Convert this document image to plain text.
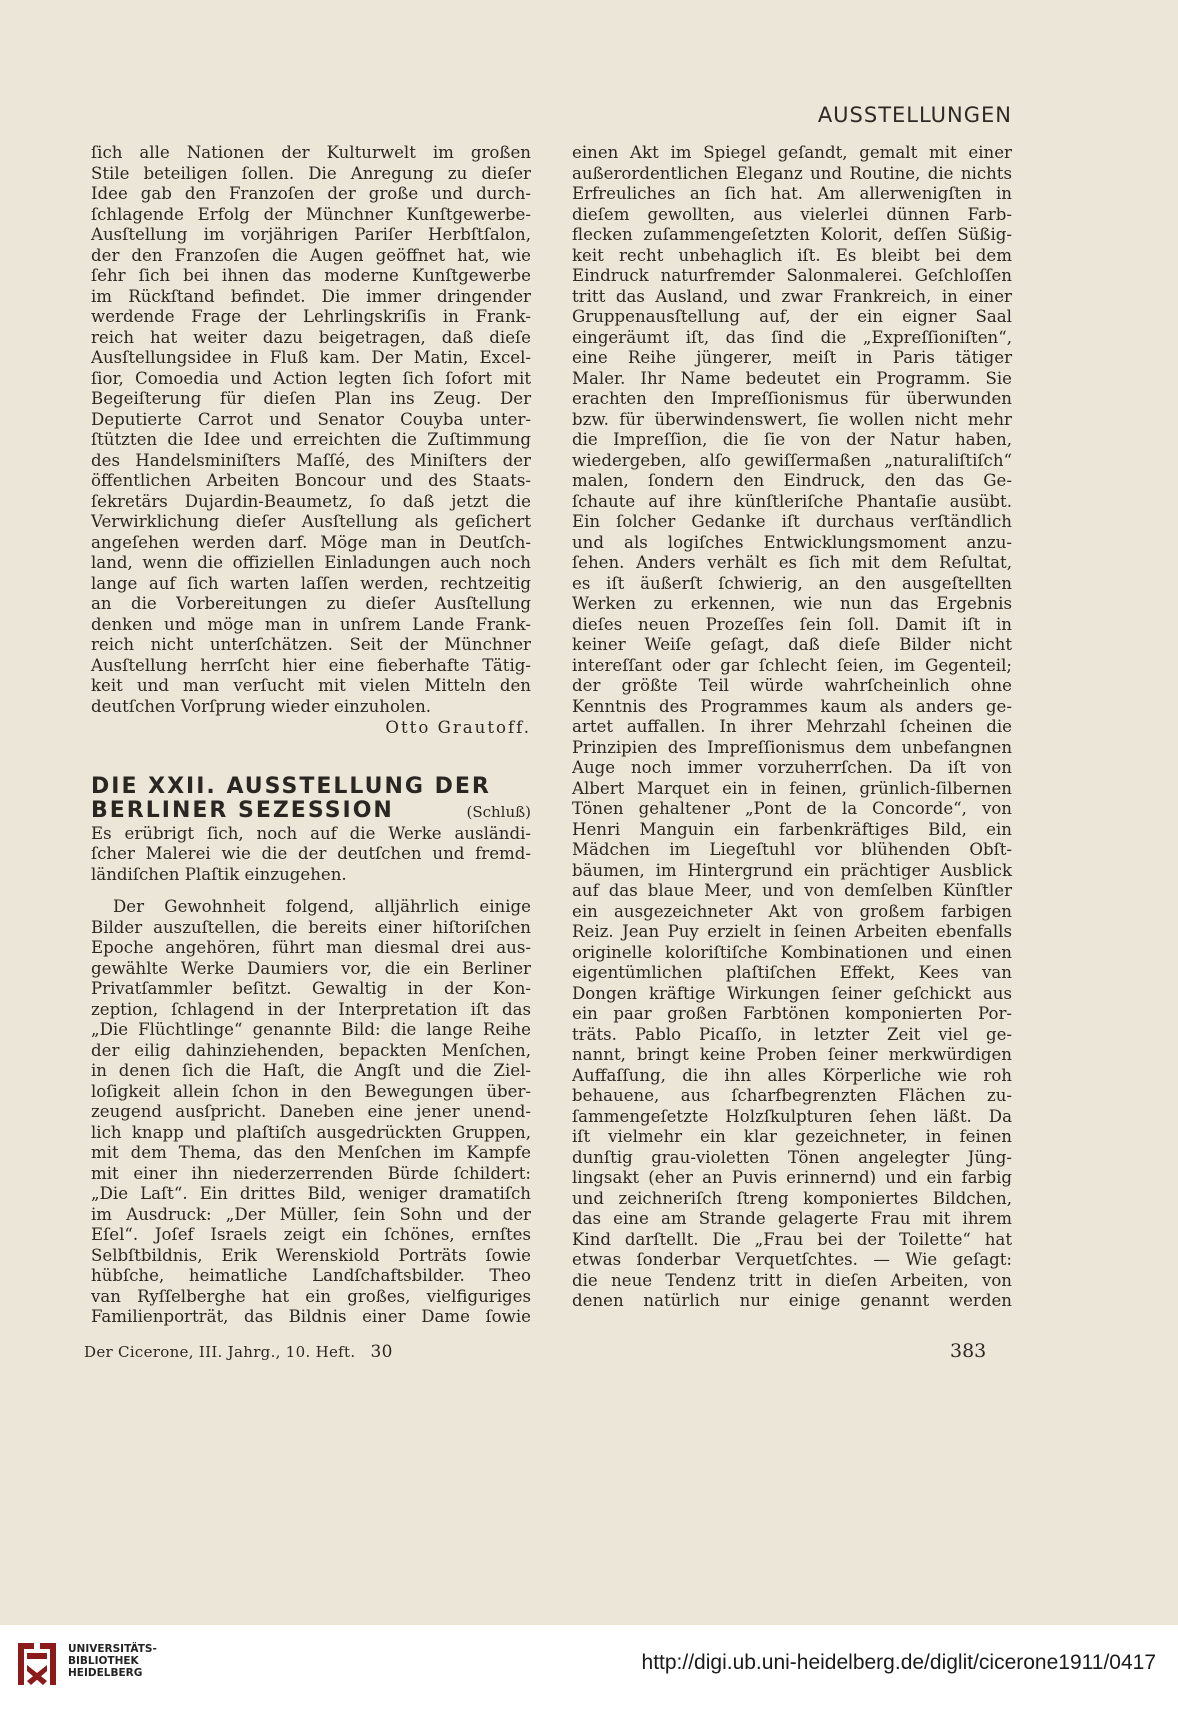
AUSSTELLUNGEN
ſich alle Nationen der Kulturwelt im großen
Stile beteiligen ſollen. Die Anregung zu dieſer
Idee gab den Franzoſen der große und durch-
ſchlagende Erfolg der Münchner Kunſtgewerbe-
Ausſtellung im vorjährigen Pariſer Herbſtſalon,
der den Franzoſen die Augen geöffnet hat, wie
ſehr ſich bei ihnen das moderne Kunſtgewerbe
im Rückſtand befindet. Die immer dringender
werdende Frage der Lehrlingskriſis in Frank-
reich hat weiter dazu beigetragen, daß dieſe
Ausſtellungsidee in Fluß kam. Der Matin, Excel-
ſior, Comoedia und Action legten ſich ſofort mit
Begeiſterung für dieſen Plan ins Zeug. Der
Deputierte Carrot und Senator Couyba unter-
ſtützten die Idee und erreichten die Zuſtimmung
des Handelsminiſters Maſſé, des Miniſters der
öffentlichen Arbeiten Boncour und des Staats-
ſekretärs Dujardin-Beaumetz, ſo daß jetzt die
Verwirklichung dieſer Ausſtellung als geſichert
angeſehen werden darf. Möge man in Deutſch-
land, wenn die offiziellen Einladungen auch noch
lange auf ſich warten laſſen werden, rechtzeitig
an die Vorbereitungen zu dieſer Ausſtellung
denken und möge man in unſrem Lande Frank-
reich nicht unterſchätzen. Seit der Münchner
Ausſtellung herrſcht hier eine fieberhafte Tätig-
keit und man verſucht mit vielen Mitteln den
deutſchen Vorſprung wieder einzuholen.
Otto Grautoff.
DIE XXII. AUSSTELLUNG DER
BERLINER SEZESSION	(Schluß)
Es erübrigt ſich, noch auf die Werke ausländi-
ſcher Malerei wie die der deutſchen und fremd-
ländiſchen Plaſtik einzugehen.
Der Gewohnheit folgend, alljährlich einige
Bilder auszuſtellen, die bereits einer hiſtoriſchen
Epoche angehören, führt man diesmal drei aus-
gewählte Werke Daumiers vor, die ein Berliner
Privatſammler beſitzt. Gewaltig in der Kon-
zeption, ſchlagend in der Interpretation iſt das
„Die Flüchtlinge“ genannte Bild: die lange Reihe
der eilig dahinziehenden, bepackten Menſchen,
in denen ſich die Haſt, die Angſt und die Ziel-
loſigkeit allein ſchon in den Bewegungen über-
zeugend ausſpricht. Daneben eine jener unend-
lich knapp und plaſtiſch ausgedrückten Gruppen,
mit dem Thema, das den Menſchen im Kampfe
mit einer ihn niederzerrenden Bürde ſchildert:
„Die Laſt“. Ein drittes Bild, weniger dramatiſch
im Ausdruck: „Der Müller, ſein Sohn und der
Eſel“. Joſef Israels zeigt ein ſchönes, ernſtes
Selbſtbildnis, Erik Werenskiold Porträts ſowie
hübſche, heimatliche Landſchaftsbilder. Theo
van Ryſſelberghe hat ein großes, vielfiguriges
Familienporträt, das Bildnis einer Dame ſowie
einen Akt im Spiegel geſandt, gemalt mit einer
außerordentlichen Eleganz und Routine, die nichts
Erfreuliches an ſich hat. Am allerwenigſten in
dieſem gewollten, aus vielerlei dünnen Farb-
flecken zuſammengeſetzten Kolorit, deſſen Süßig-
keit recht unbehaglich iſt. Es bleibt bei dem
Eindruck naturfremder Salonmalerei. Geſchloſſen
tritt das Ausland, und zwar Frankreich, in einer
Gruppenausſtellung auf, der ein eigner Saal
eingeräumt iſt, das ſind die „Expreſſioniſten“,
eine Reihe jüngerer, meiſt in Paris tätiger
Maler. Ihr Name bedeutet ein Programm. Sie
erachten den Impreſſionismus für überwunden
bzw. für überwindenswert, ſie wollen nicht mehr
die Impreſſion, die ſie von der Natur haben,
wiedergeben, alſo gewiſſermaßen „naturaliſtiſch“
malen, ſondern den Eindruck, den das Ge-
ſchaute auf ihre künſtleriſche Phantaſie ausübt.
Ein ſolcher Gedanke iſt durchaus verſtändlich
und als logiſches Entwicklungsmoment anzu-
ſehen. Anders verhält es ſich mit dem Reſultat,
es iſt äußerſt ſchwierig, an den ausgeſtellten
Werken zu erkennen, wie nun das Ergebnis
dieſes neuen Prozeſſes ſein ſoll. Damit iſt in
keiner Weiſe geſagt, daß dieſe Bilder nicht
intereſſant oder gar ſchlecht ſeien, im Gegenteil;
der größte Teil würde wahrſcheinlich ohne
Kenntnis des Programmes kaum als anders ge-
artet auffallen. In ihrer Mehrzahl ſcheinen die
Prinzipien des Impreſſionismus dem unbefangnen
Auge noch immer vorzuherrſchen. Da iſt von
Albert Marquet ein in feinen, grünlich-ſilbernen
Tönen gehaltener „Pont de la Concorde“, von
Henri Manguin ein farbenkräftiges Bild, ein
Mädchen im Liegeſtuhl vor blühenden Obſt-
bäumen, im Hintergrund ein prächtiger Ausblick
auf das blaue Meer, und von demſelben Künſtler
ein ausgezeichneter Akt von großem farbigen
Reiz. Jean Puy erzielt in ſeinen Arbeiten ebenfalls
originelle koloriſtiſche Kombinationen und einen
eigentümlichen plaſtiſchen Effekt, Kees van
Dongen kräftige Wirkungen ſeiner geſchickt aus
ein paar großen Farbtönen komponierten Por-
träts. Pablo Picaſſo, in letzter Zeit viel ge-
nannt, bringt keine Proben ſeiner merkwürdigen
Auffaſſung, die ihn alles Körperliche wie roh
behauene, aus ſcharfbegrenzten Flächen zu-
ſammengeſetzte Holzſkulpturen ſehen läßt. Da
iſt vielmehr ein klar gezeichneter, in feinen
dunſtig grau-violetten Tönen angelegter Jüng-
lingsakt (eher an Puvis erinnernd) und ein farbig
und zeichneriſch ſtreng komponiertes Bildchen,
das eine am Strande gelagerte Frau mit ihrem
Kind darſtellt. Die „Frau bei der Toilette“ hat
etwas ſonderbar Verquetſchtes. — Wie geſagt:
die neue Tendenz tritt in dieſen Arbeiten, von
denen natürlich nur einige genannt werden
Der Cicerone, III. Jahrg., 10. Heft. 30	383
UNIVERSITÄTS-
BIBLIOTHEK
HEIDELBERG	http://digi.ub.uni-heidelberg.de/diglit/cicerone1911/0417
